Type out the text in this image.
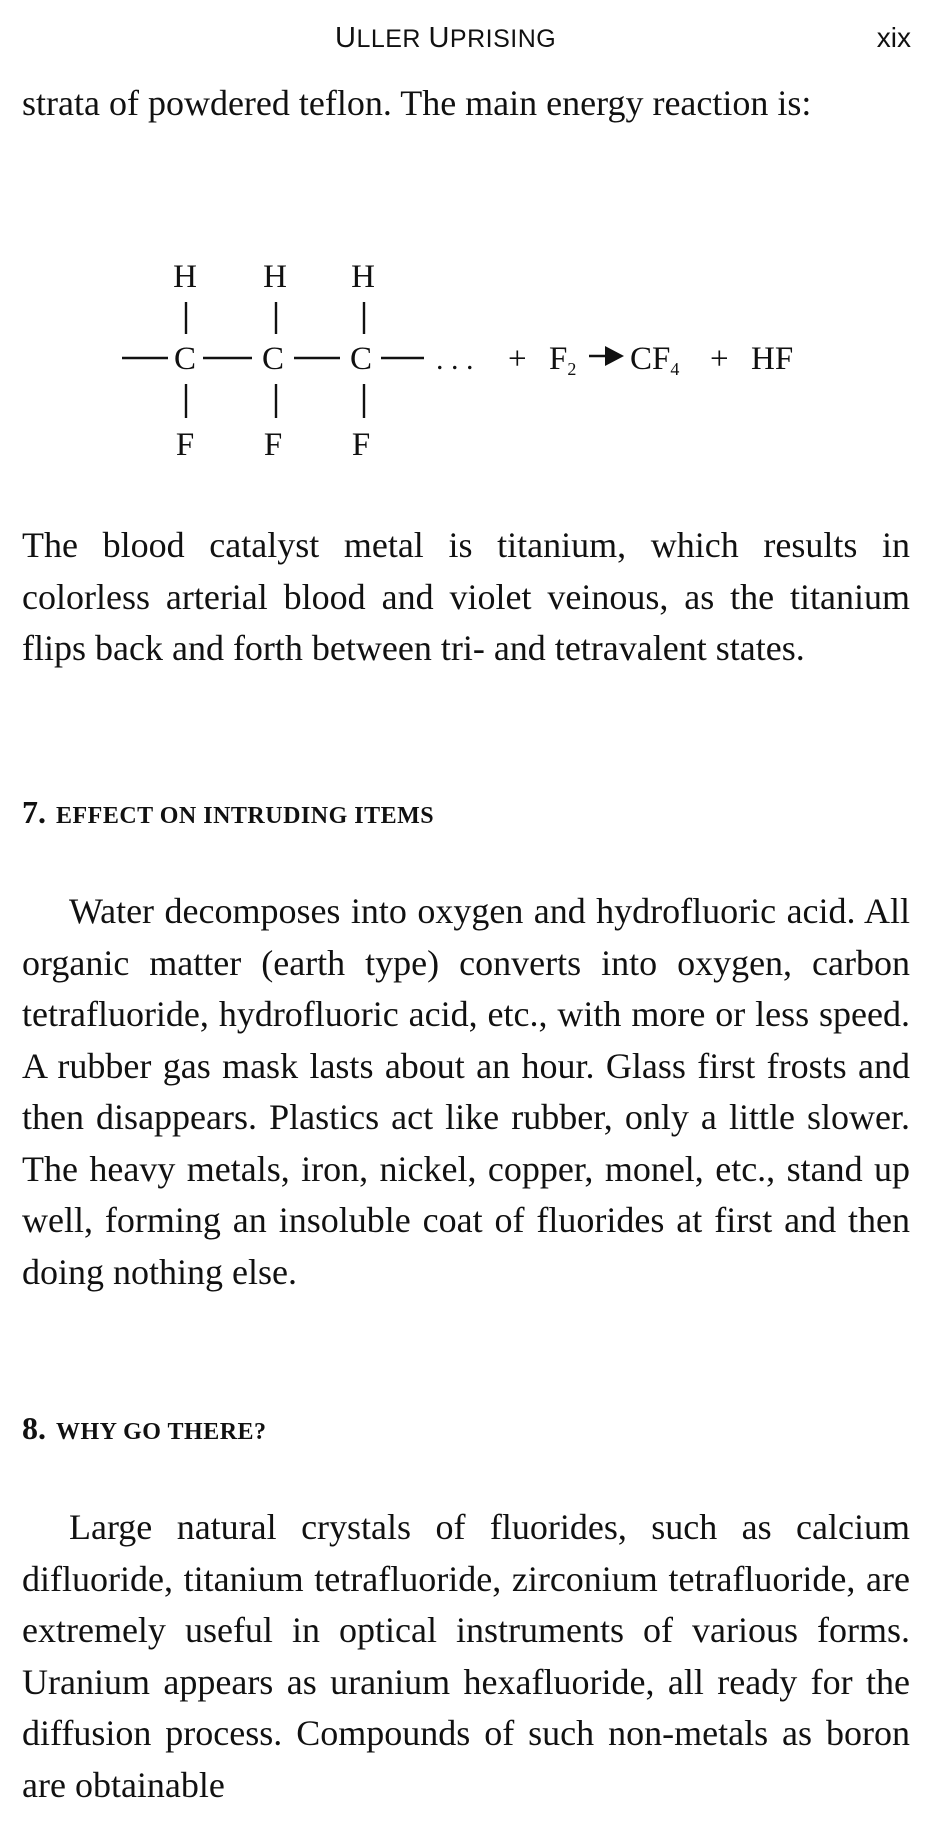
ULLER UPRISING	xix

strata of powdered teflon. The main energy reaction is:

H H H
C C C . . . + F2 CF4 + HF
F F F

The blood catalyst metal is titanium, which results in colorless arterial blood and violet veinous, as the titanium flips back and forth between tri- and tetravalent states.

7. EFFECT ON INTRUDING ITEMS

Water decomposes into oxygen and hydrofluoric acid. All organic matter (earth type) converts into oxygen, carbon tetrafluoride, hydrofluoric acid, etc., with more or less speed. A rubber gas mask lasts about an hour. Glass first frosts and then disappears. Plastics act like rubber, only a little slower. The heavy metals, iron, nickel, copper, monel, etc., stand up well, forming an insoluble coat of fluorides at first and then doing nothing else.

8. WHY GO THERE?

Large natural crystals of fluorides, such as calcium difluoride, titanium tetrafluoride, zirconium tetrafluoride, are extremely useful in optical instruments of various forms. Uranium appears as uranium hexafluoride, all ready for the diffusion process. Compounds of such non-metals as boron are obtainable
